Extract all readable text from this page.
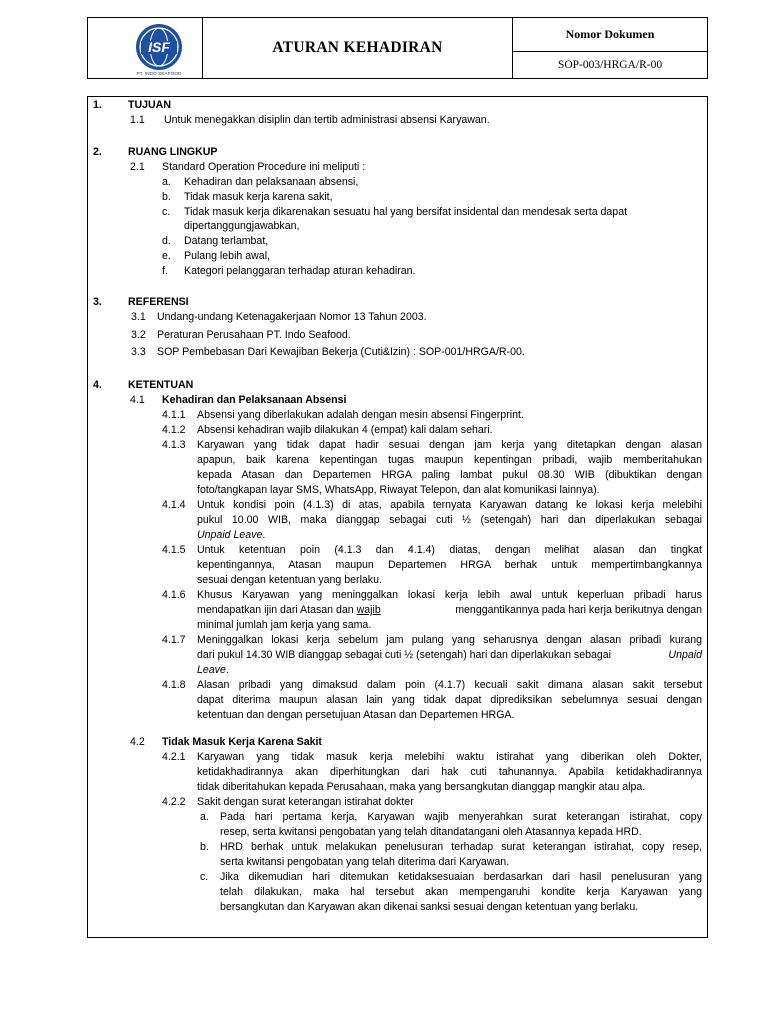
ISF
PT. INDO SEAFOOD
ATURAN KEHADIRAN
Nomor Dokumen
SOP-003/HRGA/R-00
1. TUJUAN
1.1 Untuk menegakkan disiplin dan tertib administrasi absensi Karyawan.
2. RUANG LINGKUP
2.1 Standard Operation Procedure ini meliputi :
a. Kehadiran dan pelaksanaan absensi,
b. Tidak masuk kerja karena sakit,
c. Tidak masuk kerja dikarenakan sesuatu hal yang bersifat insidental dan mendesak serta dapat
dipertanggungjawabkan,
d. Datang terlambat,
e. Pulang lebih awal,
f. Kategori pelanggaran terhadap aturan kehadiran.
3. REFERENSI
3.1 Undang-undang Ketenagakerjaan Nomor 13 Tahun 2003.
3.2 Peraturan Perusahaan PT. Indo Seafood.
3.3 SOP Pembebasan Dari Kewajiban Bekerja (Cuti&Izin) : SOP-001/HRGA/R-00.
4. KETENTUAN
4.1 Kehadiran dan Pelaksanaan Absensi
4.1.1 Absensi yang diberlakukan adalah dengan mesin absensi Fingerprint.
4.1.2 Absensi kehadiran wajib dilakukan 4 (empat) kali dalam sehari.
4.1.3 Karyawan yang tidak dapat hadir sesuai dengan jam kerja yang ditetapkan dengan alasan
apapun, baik karena kepentingan tugas maupun kepentingan pribadi, wajib memberitahukan
kepada Atasan dan Departemen HRGA paling lambat pukul 08.30 WIB (dibuktikan dengan
foto/tangkapan layar SMS, WhatsApp, Riwayat Telepon, dan alat komunikasi lainnya).
4.1.4 Untuk kondisi poin (4.1.3) di atas, apabila ternyata Karyawan datang ke lokasi kerja melebihi
pukul 10.00 WIB, maka dianggap sebagai cuti ½ (setengah) hari dan diperlakukan sebagai
Unpaid Leave.
4.1.5 Untuk ketentuan poin (4.1.3 dan 4.1.4) diatas, dengan melihat alasan dan tingkat
kepentingannya, Atasan maupun Departemen HRGA berhak untuk mempertimbangkannya
sesuai dengan ketentuan yang berlaku.
4.1.6 Khusus Karyawan yang meninggalkan lokasi kerja lebih awal untuk keperluan pribadi harus
mendapatkan ijin dari Atasan dan wajib	menggantikannya pada hari kerja berikutnya dengan
minimal jumlah jam kerja yang sama.
4.1.7 Meninggalkan lokasi kerja sebelum jam pulang yang seharusnya dengan alasan pribadi kurang
dari pukul 14.30 WIB dianggap sebagai cuti ½ (setengah) hari dan diperlakukan sebagai	Unpaid
Leave.
4.1.8 Alasan pribadi yang dimaksud dalam poin (4.1.7) kecuali sakit dimana alasan sakit tersebut
dapat diterima maupun alasan lain yang tidak dapat diprediksikan sebelumnya sesuai dengan
ketentuan dan dengan persetujuan Atasan dan Departemen HRGA.
4.2 Tidak Masuk Kerja Karena Sakit
4.2.1 Karyawan yang tidak masuk kerja melebihi waktu istirahat yang diberikan oleh Dokter,
ketidakhadirannya akan diperhitungkan dari hak cuti tahunannya. Apabila ketidakhadirannya
tidak diberitahukan kepada Perusahaan, maka yang bersangkutan dianggap mangkir atau alpa.
4.2.2 Sakit dengan surat keterangan istirahat dokter
a. Pada hari pertama kerja, Karyawan wajib menyerahkan surat keterangan istirahat, copy
resep, serta kwitansi pengobatan yang telah ditandatangani oleh Atasannya kepada HRD.
b. HRD berhak untuk melakukan penelusuran terhadap surat keterangan istirahat, copy resep,
serta kwitansi pengobatan yang telah diterima dari Karyawan.
c. Jika dikemudian hari ditemukan ketidaksesuaian berdasarkan dari hasil penelusuran yang
telah dilakukan, maka hal tersebut akan mempengaruhi kondite kerja Karyawan yang
bersangkutan dan Karyawan akan dikenai sanksi sesuai dengan ketentuan yang berlaku.
